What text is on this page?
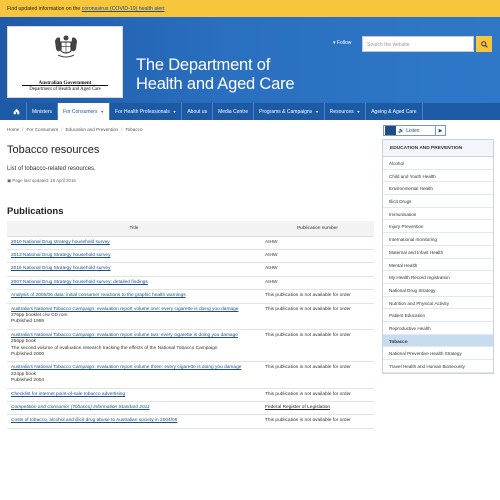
Find updated information on the coronavirus (COVID-19) health alert
Australian Government
Department of Health and Aged Care
The Department of
Health and Aged Care
▾ Follow	Search the website
Ministers For Consumers ▼ For Health Professionals ▼ About us Media Centre Programs & Campaigns ▼ Resources ▼ Ageing & Aged Care
Home / For Consumers / Education and Prevention / Tobacco	🔊 Listen	▶
Tobacco resources

List of tobacco-related resources.

▣ Page last updated: 16 April 2018
Publications
Title	Publication number
2010 National Drug strategy household survey	AIHW
2013 National Drug Strategy household survey	AIHW
2016 National Drug Strategy household survey	AIHW
2007 National Drug Strategy household survey: detailed findings	AIHW
Analysis of 2005/06 data: initial consumer reactions to the graphic health warnings	This publication is not available for order
Australia's National Tobacco Campaign: evaluation report volume one: every cigarette is doing you damage
276pp booklet c/w CD rom
Published 1999	This publication is not available for order
Australia's National Tobacco Campaign: evaluation report volume two: every cigarette is doing you damage
256pp book
The second volume of evaluation research tracking the effects of the National Tobacco Campaign
Published 2000	This publication is not available for order
Australia's National Tobacco Campaign: evaluation report volume three: every cigarette is doing you damage
224pp book
Published 2004	This publication is not available for order
Checklist for internet point-of-sale tobacco advertising	This publication is not available for order
Competition and Consumer (Tobacco) Information Standard 2011	Federal Register of Legislation
Costs of tobacco, alcohol and illicit drug abuse to Australian society in 2004/05	This publication is not available for order
EDUCATION AND PREVENTION
Alcohol
Child and Youth Health
Environmental Health
Illicit Drugs
Immunisation
Injury Prevention
International monitoring
Maternal and Infant Health
Mental Health
My Health Record registration
National Drug Strategy
Nutrition and Physical Activity
Patient Education
Reproductive Health
Tobacco
National Preventive Health Strategy
Travel Health and Human Biosecurity
